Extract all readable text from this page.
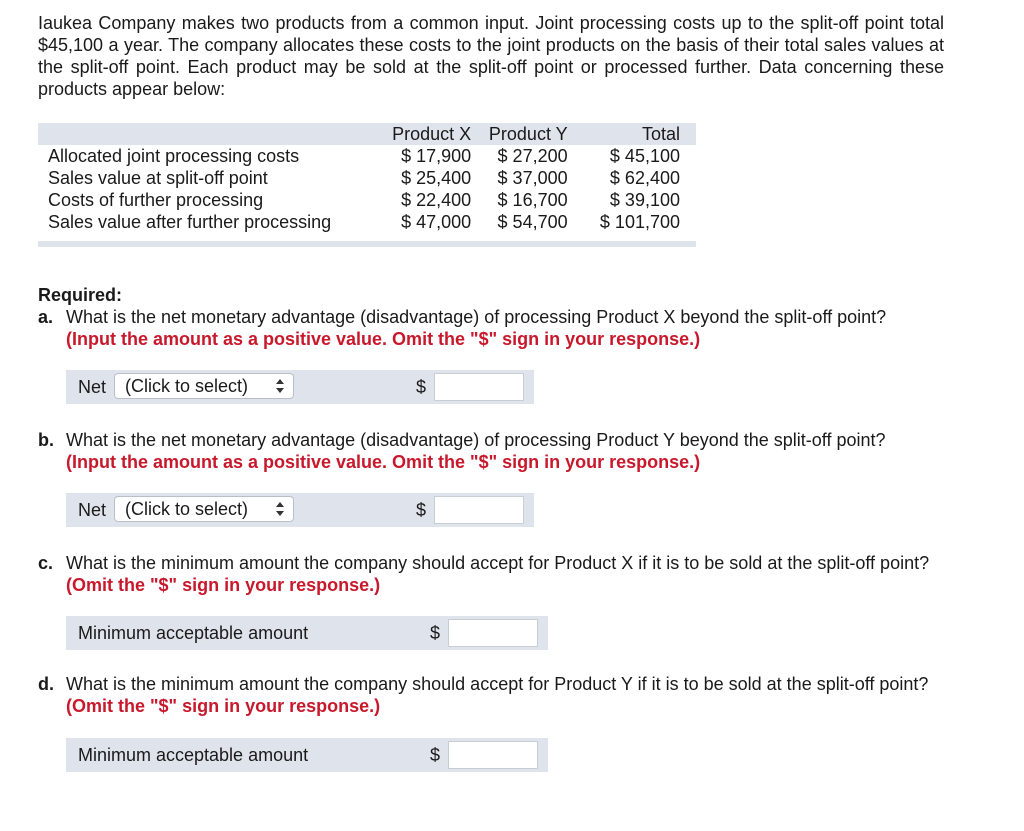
Iaukea Company makes two products from a common input. Joint processing costs up to the split-off point total $45,100 a year. The company allocates these costs to the joint products on the basis of their total sales values at the split-off point. Each product may be sold at the split-off point or processed further. Data concerning these products appear below:

	Product X	Product Y	Total
Allocated joint processing costs	$ 17,900	$ 27,200	$ 45,100
Sales value at split-off point	$ 25,400	$ 37,000	$ 62,400
Costs of further processing	$ 22,400	$ 16,700	$ 39,100
Sales value after further processing	$ 47,000	$ 54,700	$ 101,700

Required:

a. What is the net monetary advantage (disadvantage) of processing Product X beyond the split-off point?
(Input the amount as a positive value. Omit the "$" sign in your response.)
Net (Click to select)	$
b. What is the net monetary advantage (disadvantage) of processing Product Y beyond the split-off point?
(Input the amount as a positive value. Omit the "$" sign in your response.)
Net (Click to select)	$
c. What is the minimum amount the company should accept for Product X if it is to be sold at the split-off point? (Omit the "$" sign in your response.)
Minimum acceptable amount	$
d. What is the minimum amount the company should accept for Product Y if it is to be sold at the split-off point? (Omit the "$" sign in your response.)
Minimum acceptable amount	$
